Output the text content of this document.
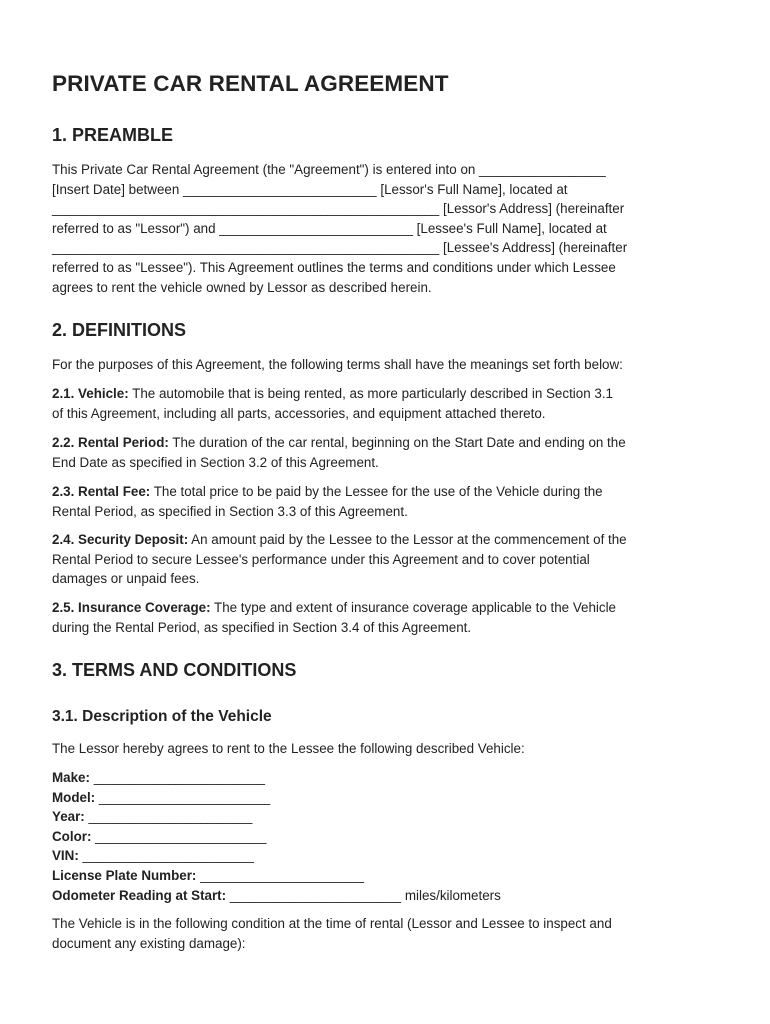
PRIVATE CAR RENTAL AGREEMENT
1. PREAMBLE
This Private Car Rental Agreement (the "Agreement") is entered into on _________________
[Insert Date] between __________________________ [Lessor's Full Name], located at
____________________________________________________ [Lessor's Address] (hereinafter
referred to as "Lessor") and __________________________ [Lessee's Full Name], located at
____________________________________________________ [Lessee's Address] (hereinafter
referred to as "Lessee"). This Agreement outlines the terms and conditions under which Lessee
agrees to rent the vehicle owned by Lessor as described herein.
2. DEFINITIONS

For the purposes of this Agreement, the following terms shall have the meanings set forth below:

2.1. Vehicle: The automobile that is being rented, as more particularly described in Section 3.1
of this Agreement, including all parts, accessories, and equipment attached thereto.
2.2. Rental Period: The duration of the car rental, beginning on the Start Date and ending on the
End Date as specified in Section 3.2 of this Agreement.
2.3. Rental Fee: The total price to be paid by the Lessee for the use of the Vehicle during the
Rental Period, as specified in Section 3.3 of this Agreement.
2.4. Security Deposit: An amount paid by the Lessee to the Lessor at the commencement of the
Rental Period to secure Lessee's performance under this Agreement and to cover potential
damages or unpaid fees.
2.5. Insurance Coverage: The type and extent of insurance coverage applicable to the Vehicle
during the Rental Period, as specified in Section 3.4 of this Agreement.
3. TERMS AND CONDITIONS
3.1. Description of the Vehicle

The Lessor hereby agrees to rent to the Lessee the following described Vehicle:

Make: _______________________
Model: _______________________
Year: ______________________
Color: _______________________
VIN: _______________________
License Plate Number: ______________________
Odometer Reading at Start: _______________________ miles/kilometers
The Vehicle is in the following condition at the time of rental (Lessor and Lessee to inspect and
document any existing damage):
